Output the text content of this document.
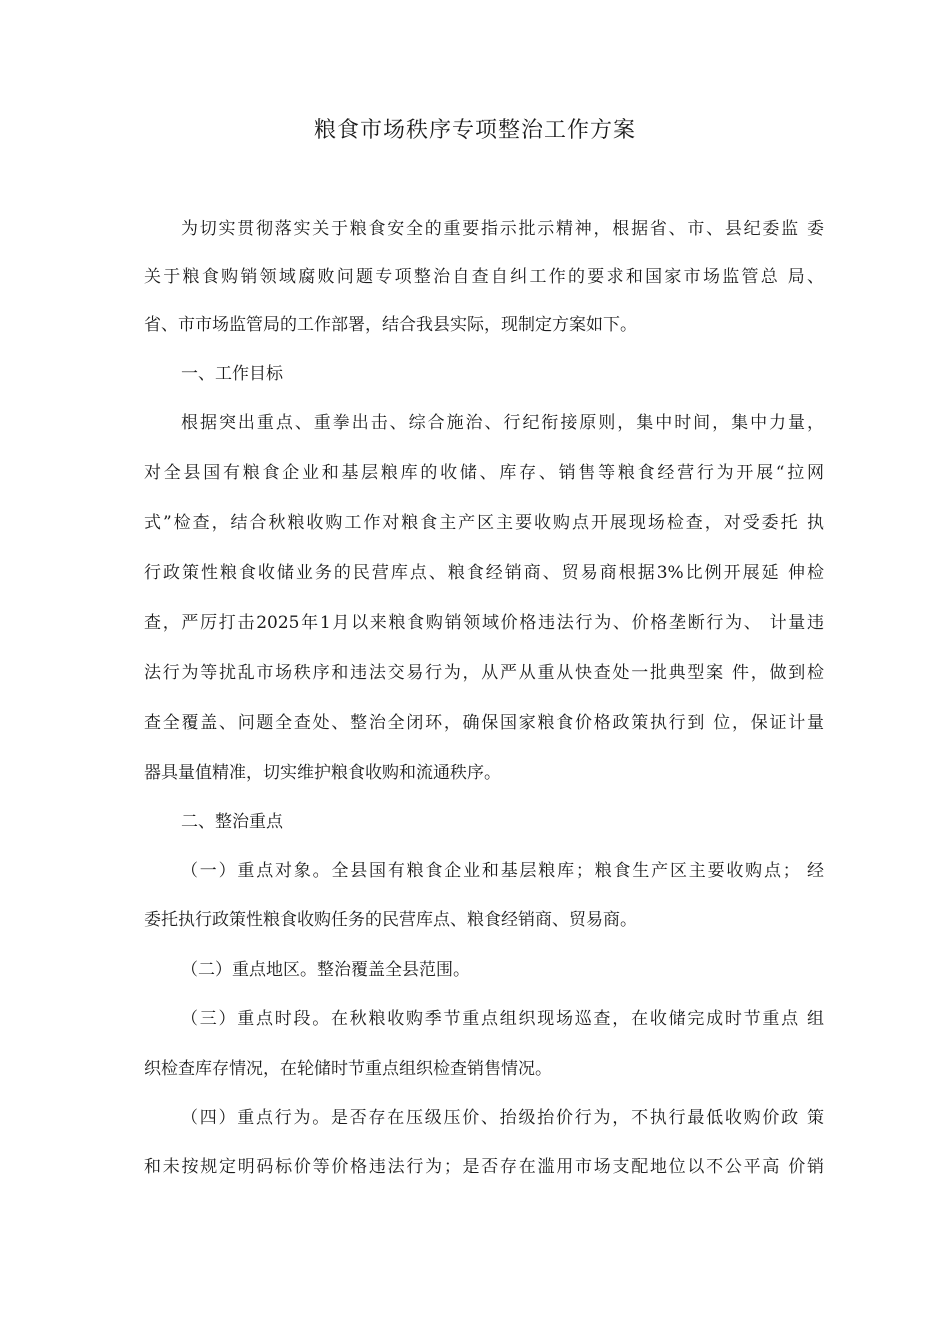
粮食市场秩序专项整治工作方案

为切实贯彻落实关于粮食安全的重要指示批示精神，根据省、市、县纪委监 委

关于粮食购销领域腐败问题专项整治自查自纠工作的要求和国家市场监管总 局、

省、市市场监管局的工作部署，结合我县实际，现制定方案如下。

一、工作目标

根据突出重点、重拳出击、综合施治、行纪衔接原则，集中时间，集中力量，

对全县国有粮食企业和基层粮库的收储、库存、销售等粮食经营行为开展“拉网

式”检查，结合秋粮收购工作对粮食主产区主要收购点开展现场检查，对受委托 执

行政策性粮食收储业务的民营库点、粮食经销商、贸易商根据3%比例开展延 伸检

查，严厉打击2025年1月以来粮食购销领域价格违法行为、价格垄断行为、 计量违

法行为等扰乱市场秩序和违法交易行为，从严从重从快查处一批典型案 件，做到检

查全覆盖、问题全查处、整治全闭环，确保国家粮食价格政策执行到 位，保证计量

器具量值精准，切实维护粮食收购和流通秩序。

二、整治重点

（一）重点对象。全县国有粮食企业和基层粮库；粮食生产区主要收购点； 经

委托执行政策性粮食收购任务的民营库点、粮食经销商、贸易商。

（二）重点地区。整治覆盖全县范围。

（三）重点时段。在秋粮收购季节重点组织现场巡查，在收储完成时节重点 组

织检查库存情况，在轮储时节重点组织检查销售情况。

（四）重点行为。是否存在压级压价、抬级抬价行为，不执行最低收购价政 策

和未按规定明码标价等价格违法行为；是否存在滥用市场支配地位以不公平高 价销
